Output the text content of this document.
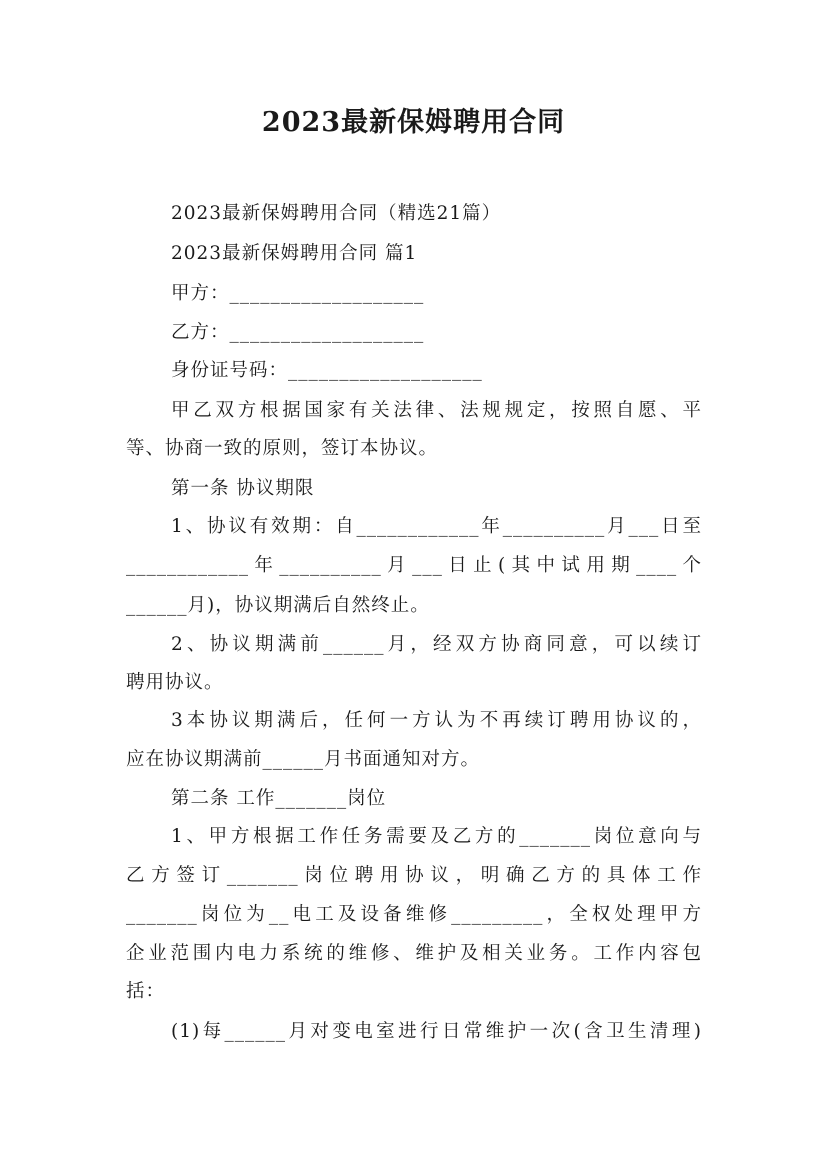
2023最新保姆聘用合同
2023最新保姆聘用合同（精选21篇）
2023最新保姆聘用合同 篇1
甲方：___________________
乙方：___________________
身份证号码：___________________
甲乙双方根据国家有关法律、法规规定，按照自愿、平
等、协商一致的原则，签订本协议。
第一条 协议期限
1、协议有效期：自____________年__________月___日至
____________年__________月___日止(其中试用期____个
______月)，协议期满后自然终止。
2、协议期满前______月，经双方协商同意，可以续订
聘用协议。
3本协议期满后，任何一方认为不再续订聘用协议的，
应在协议期满前______月书面通知对方。
第二条 工作_______岗位
1、甲方根据工作任务需要及乙方的_______岗位意向与
乙方签订_______岗位聘用协议，明确乙方的具体工作
_______岗位为__电工及设备维修_________，全权处理甲方
企业范围内电力系统的维修、维护及相关业务。工作内容包
括：
(1)每______月对变电室进行日常维护一次(含卫生清理)
